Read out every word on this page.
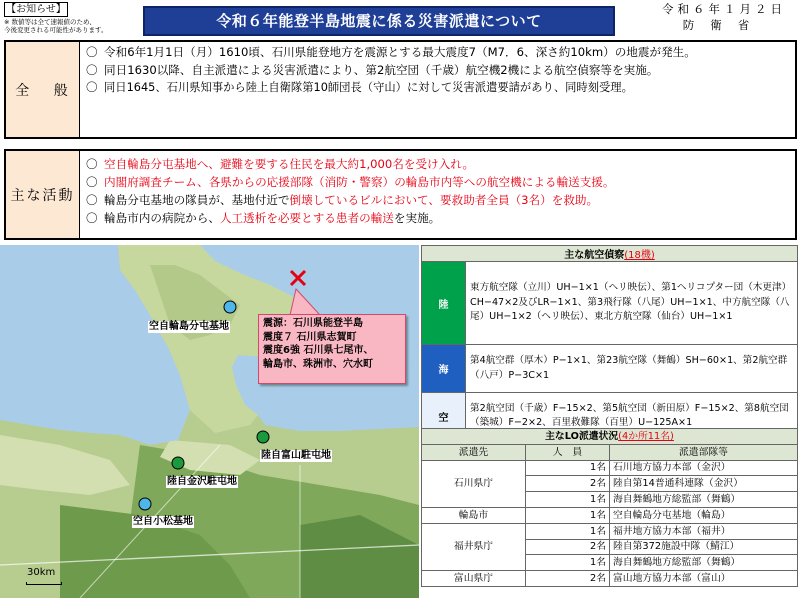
【お知らせ】
※ 数値等は全て速報値のため、
今後変更される可能性があります。	令和６年能登半島地震に係る災害派遣について
令和６年１月２日
防衛省
全 般
〇 令和6年1月1日（月）1610頃、石川県能登地方を震源とする最大震度7（M7．6、深さ約10km）の地震が発生。
〇 同日1630以降、自主派遣による災害派遣により、第2航空団（千歳）航空機2機による航空偵察等を実施。
〇 同日1645、石川県知事から陸上自衛隊第10師団長（守山）に対して災害派遣要請があり、同時刻受理。
主な活動
〇 空自輪島分屯基地へ、避難を要する住民を最大約1,000名を受け入れ。
〇 内閣府調査チーム、各県からの応援部隊（消防・警察）の輪島市内等への航空機による輸送支援。
〇 輪島分屯基地の隊員が、基地付近で倒壊しているビルにおいて、要救助者全員（3名）を救助。
〇 輪島市内の病院から、人工透析を必要とする患者の輸送を実施。
空自輪島分屯基地
陸自富山駐屯地
陸自金沢駐屯地
空自小松基地
震源：石川県能登半島
震度７ 石川県志賀町
震度6強 石川県七尾市、
輪島市、珠洲市、穴水町
30km
主な航空偵察(18機)	
陸	東方航空隊（立川）UH−1×1（ヘリ映伝）、第1ヘリコプター団（木更津）CH−47×2及びLR−1×1、第3飛行隊（八尾）UH−1×1、中方航空隊（八尾）UH−1×2（ヘリ映伝）、東北方航空隊（仙台）UH−1×1
海	第4航空群（厚木）P−1×1、第23航空隊（舞鶴）SH−60×1、第2航空群（八戸）P−3C×1
空	第2航空団（千歳）F−15×2、第5航空団（新田原）F−15×2、第8航空団（築城）F−2×2、百里救難隊（百里）U−125A×1
主なLO派遣状況(4か所11名)		
派遣先	人　員	派遣部隊等
石川県庁	1名	石川地方協力本部（金沢）
	2名	陸自第14普通科連隊（金沢）
	1名	海自舞鶴地方総監部（舞鶴）
輪島市	1名	空自輪島分屯基地（輪島）
福井県庁	1名	福井地方協力本部（福井）
	2名	陸自第372施設中隊（鯖江）
	1名	海自舞鶴地方総監部（舞鶴）
富山県庁	2名	富山地方協力本部（富山）
